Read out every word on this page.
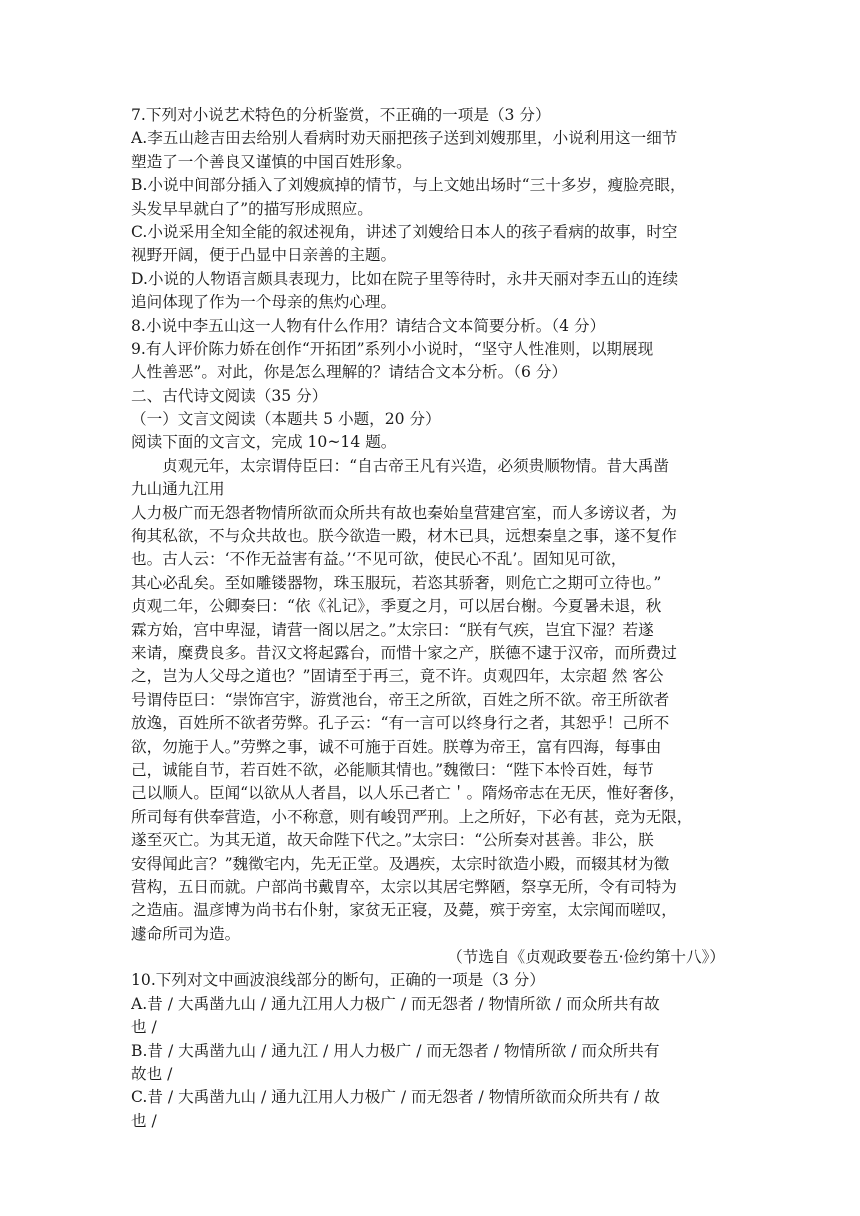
7.下列对小说艺术特色的分析鉴赏，不正确的一项是（3 分）
A.李五山趁吉田去给别人看病时劝天丽把孩子送到刘嫂那里，小说利用这一细节
塑造了一个善良又谨慎的中国百姓形象。
B.小说中间部分插入了刘嫂疯掉的情节，与上文她出场时“三十多岁，瘦脸亮眼，
头发早早就白了”的描写形成照应。
C.小说采用全知全能的叙述视角，讲述了刘嫂给日本人的孩子看病的故事，时空
视野开阔，便于凸显中日亲善的主题。
D.小说的人物语言颇具表现力，比如在院子里等待时，永井天丽对李五山的连续
追问体现了作为一个母亲的焦灼心理。
8.小说中李五山这一人物有什么作用？请结合文本简要分析。（4 分）
9.有人评价陈力娇在创作“开拓团”系列小小说时，“坚守人性准则，以期展现
人性善恶”。对此，你是怎么理解的？请结合文本分析。（6 分）
二、古代诗文阅读（35 分）
（一）文言文阅读（本题共 5 小题，20 分）
阅读下面的文言文，完成 10~14 题。
贞观元年，太宗谓侍臣曰：“自古帝王凡有兴造，必须贵顺物情。昔大禹凿
九山通九江用
人力极广而无怨者物情所欲而众所共有故也秦始皇营建宫室，而人多谤议者，为
徇其私欲，不与众共故也。朕今欲造一殿，材木已具，远想秦皇之事，遂不复作
也。古人云：‘不作无益害有益。’‘不见可欲，使民心不乱’。固知见可欲，
其心必乱矣。至如雕镂器物，珠玉服玩，若恣其骄奢，则危亡之期可立待也。”
贞观二年，公卿奏曰：“依《礼记》，季夏之月，可以居台榭。今夏暑未退，秋
霖方始，宫中卑湿，请营一阁以居之。”太宗曰：“朕有气疾，岂宜下湿？若遂
来请，糜费良多。昔汉文将起露台，而惜十家之产，朕德不逮于汉帝，而所费过
之，岂为人父母之道也？”固请至于再三，竟不许。贞观四年，太宗超 然 客公
号谓侍臣曰：“崇饰宫宇，游赏池台，帝王之所欲，百姓之所不欲。帝王所欲者
放逸，百姓所不欲者劳弊。孔子云：“有一言可以终身行之者，其恕乎！己所不
欲，勿施于人。”劳弊之事，诚不可施于百姓。朕尊为帝王，富有四海，每事由
己，诚能自节，若百姓不欲，必能顺其情也。”魏徵曰：“陛下本怜百姓，每节
己以顺人。臣闻“以欲从人者昌，以人乐己者亡＇。隋炀帝志在无厌，惟好奢侈，
所司每有供奉营造，小不称意，则有峻罚严刑。上之所好，下必有甚，竞为无限，
遂至灭亡。为其无道，故天命陛下代之。”太宗曰：“公所奏对甚善。非公，朕
安得闻此言？”魏徵宅内，先无正堂。及遇疾，太宗时欲造小殿，而辍其材为徵
营构，五日而就。户部尚书戴胄卒，太宗以其居宅弊陋，祭享无所，令有司特为
之造庙。温彦博为尚书右仆射，家贫无正寝，及薨，殡于旁室，太宗闻而嗟叹，
遽命所司为造。
（节选自《贞观政要卷五·俭约第十八》）
10.下列对文中画波浪线部分的断句，正确的一项是（3 分）
A.昔 / 大禹凿九山 / 通九江用人力极广 / 而无怨者 / 物情所欲 / 而众所共有故
也 /
B.昔 / 大禹凿九山 / 通九江 / 用人力极广 / 而无怨者 / 物情所欲 / 而众所共有
故也 /
C.昔 / 大禹凿九山 / 通九江用人力极广 / 而无怨者 / 物情所欲而众所共有 / 故
也 /
